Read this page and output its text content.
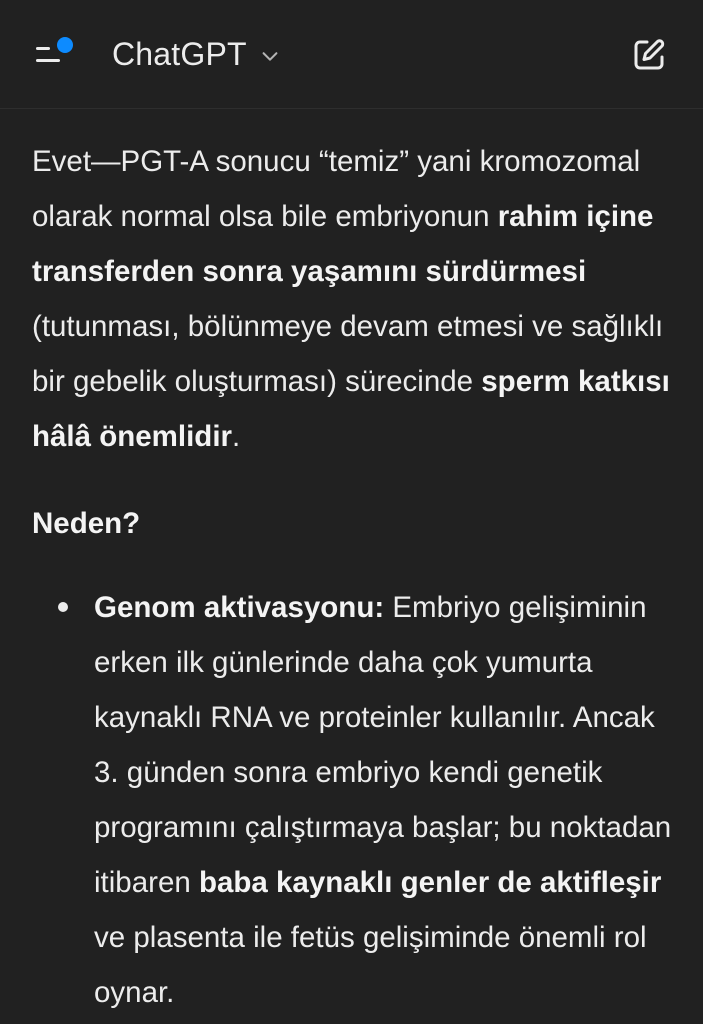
ChatGPT
Evet—PGT-A sonucu “temiz” yani kromozomal olarak normal olsa bile embriyonun rahim içine transferden sonra yaşamını sürdürmesi (tutunması, bölünmeye devam etmesi ve sağlıklı bir gebelik oluşturması) sürecinde sperm katkısı hâlâ önemlidir.
Neden?
Genom aktivasyonu: Embriyo gelişiminin erken ilk günlerinde daha çok yumurta kaynaklı RNA ve proteinler kullanılır. Ancak 3. günden sonra embriyo kendi genetik programını çalıştırmaya başlar; bu noktadan itibaren baba kaynaklı genler de aktifleşir ve plasenta ile fetüs gelişiminde önemli rol oynar.
